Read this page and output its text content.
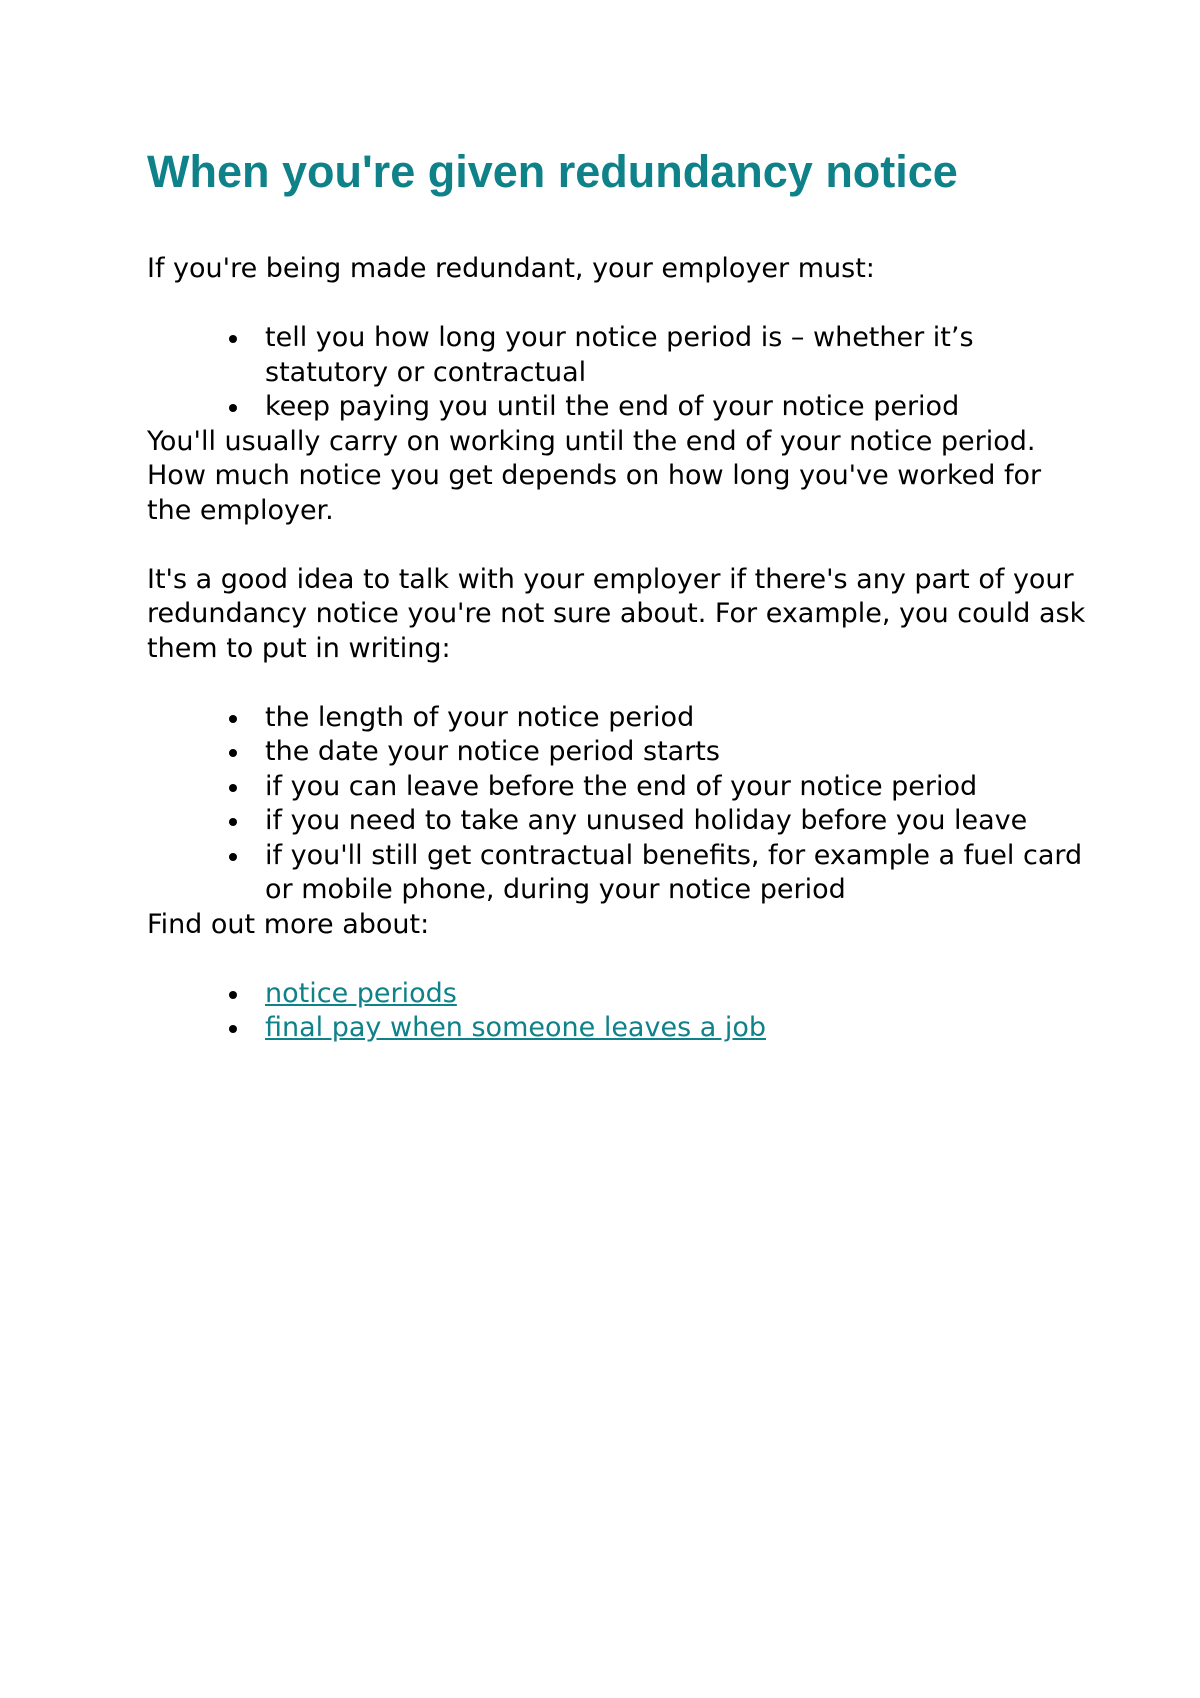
When you're given redundancy notice

If you're being made redundant, your employer must:

tell you how long your notice period is – whether it’s statutory or contractual
keep paying you until the end of your notice period

You'll usually carry on working until the end of your notice period. How much notice you get depends on how long you've worked for the employer.

It's a good idea to talk with your employer if there's any part of your redundancy notice you're not sure about. For example, you could ask them to put in writing:

the length of your notice period
the date your notice period starts
if you can leave before the end of your notice period
if you need to take any unused holiday before you leave
if you'll still get contractual benefits, for example a fuel card or mobile phone, during your notice period

Find out more about:

notice periods
final pay when someone leaves a job
